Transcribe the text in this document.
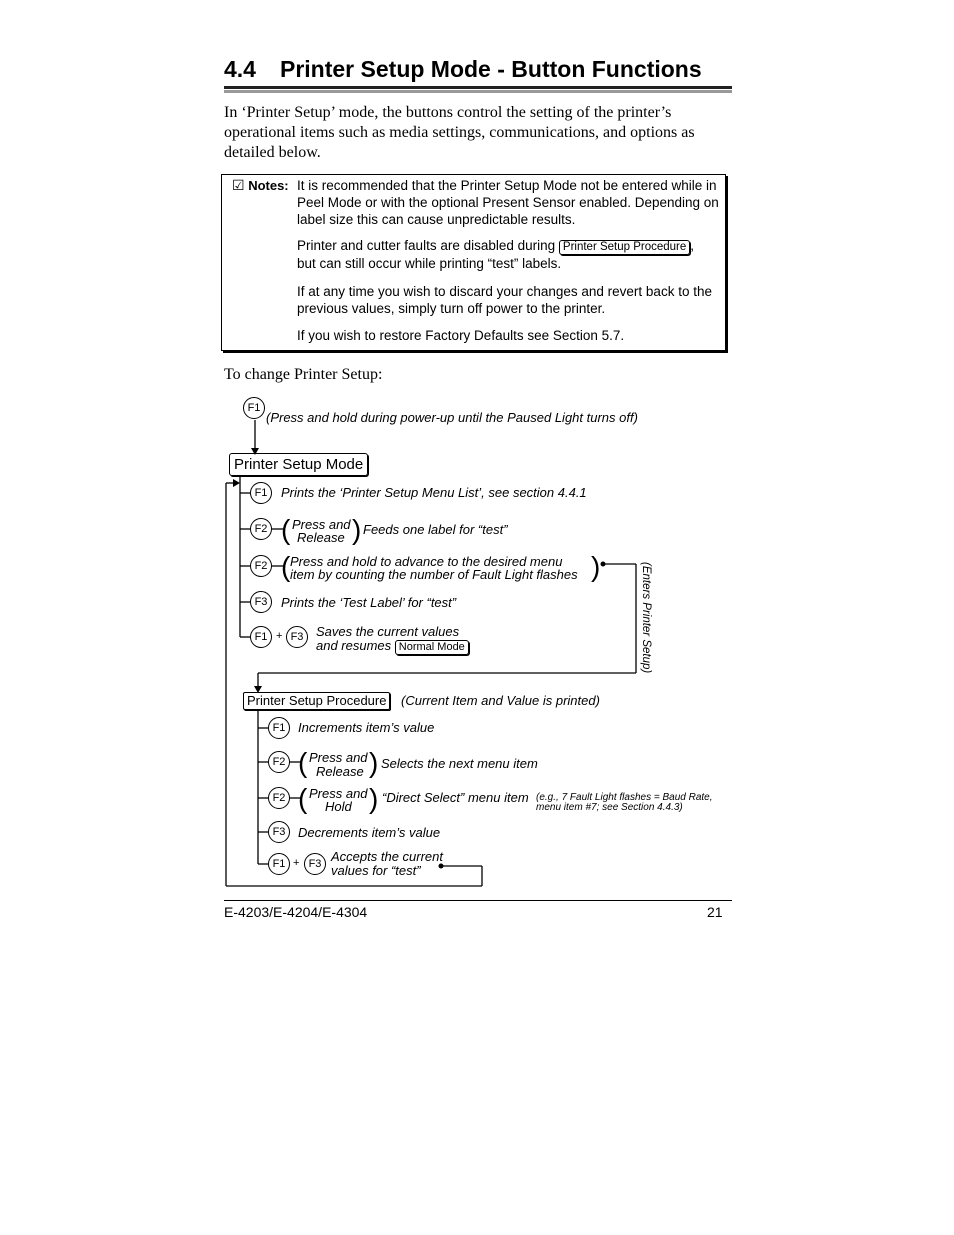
4.4 Printer Setup Mode - Button Functions
In ‘Printer Setup’ mode, the buttons control the setting of the printer’s operational items such as media settings, communications, and options as detailed below.
☑ Notes: It is recommended that the Printer Setup Mode not be entered while in Peel Mode or with the optional Present Sensor enabled. Depending on label size this can cause unpredictable results.
Printer and cutter faults are disabled during Printer Setup Procedure ,
but can still occur while printing “test” labels.
If at any time you wish to discard your changes and revert back to the previous values, simply turn off power to the printer.
If you wish to restore Factory Defaults see Section 5.7.
To change Printer Setup:
F1
(Press and hold during power-up until the Paused Light turns off)
Printer Setup Mode
F1	Prints the ‘Printer Setup Menu List’, see section 4.4.1
F2 ( Press and
Release ) Feeds one label for “test”
F2 ( Press and hold to advance to the desired menu
item by counting the number of Fault Light flashes )
F3	Prints the ‘Test Label’ for “test”
F1 + F3 Saves the current values
and resumes Normal Mode	(Enters Printer Setup)
Printer Setup Procedure	(Current Item and Value is printed)
F1 Increments item’s value
F2 ( Press and
Release ) Selects the next menu item
F2 ( Press and
Hold ) “Direct Select” menu item (e.g., 7 Fault Light flashes = Baud Rate,
menu item #7; see Section 4.4.3)
F3 Decrements item’s value
F1 + F3 Accepts the current
values for “test”
E-4203/E-4204/E-4304	21
